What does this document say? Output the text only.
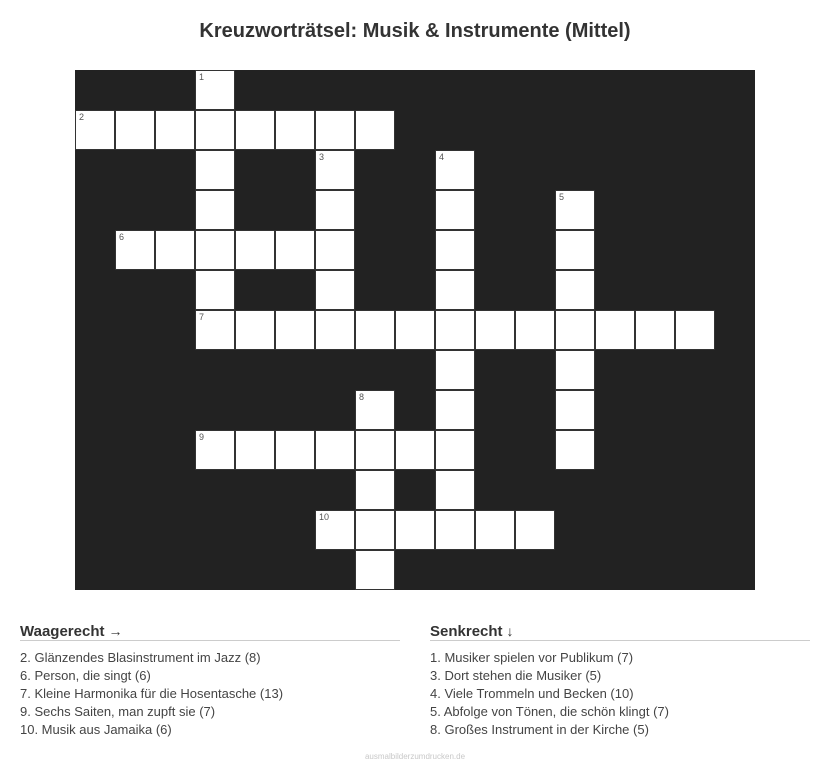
Kreuzworträtsel: Musik & Instrumente (Mittel)
1
7
2
3	4
5
6
8
9
10
Waagerecht →
2. Glänzendes Blasinstrument im Jazz (8)
6. Person, die singt (6)
7. Kleine Harmonika für die Hosentasche (13)
9. Sechs Saiten, man zupft sie (7)
10. Musik aus Jamaika (6)
Senkrecht ↓
1. Musiker spielen vor Publikum (7)
3. Dort stehen die Musiker (5)
4. Viele Trommeln und Becken (10)
5. Abfolge von Tönen, die schön klingt (7)
8. Großes Instrument in der Kirche (5)
ausmalbilderzumdrucken.de
